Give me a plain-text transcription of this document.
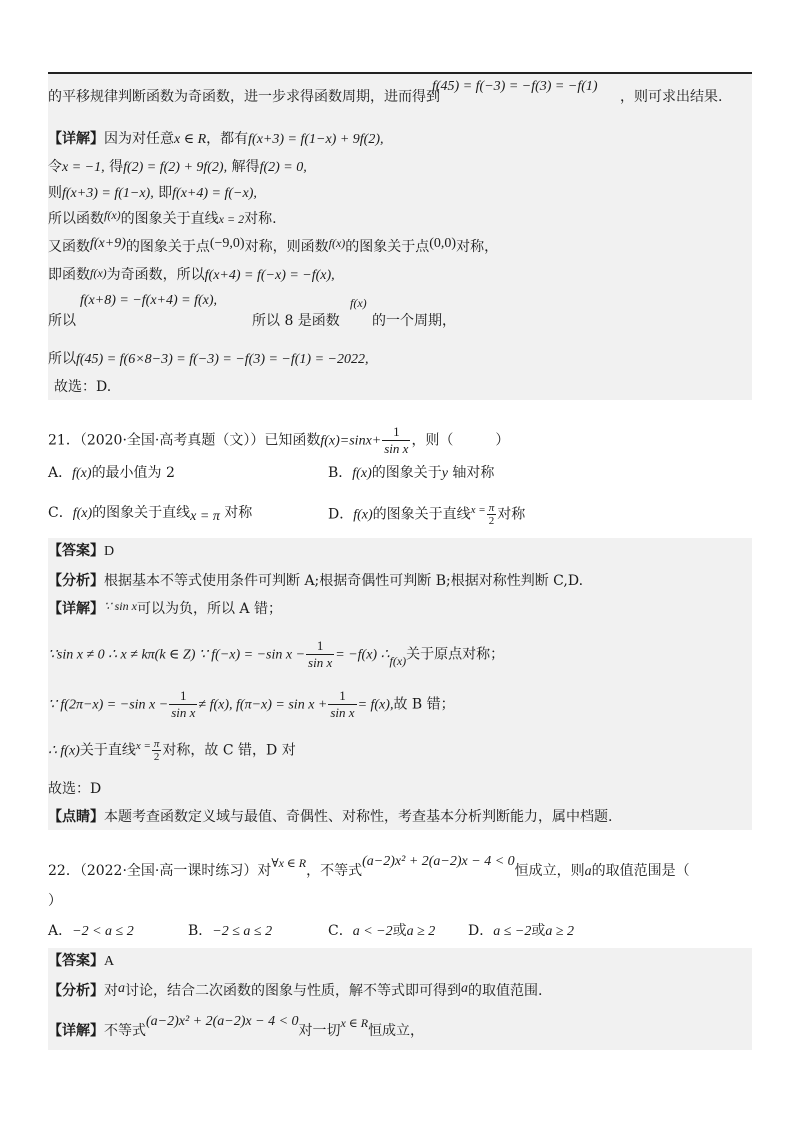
的平移规律判断函数为奇函数，进一步求得函数周期，进而得到
f(45) = f(−3) = −f(3) = −f(1)
，则可求出结果.
【详解】因为对任意x ∈ R，都有f(x+3) = f(1−x) + 9f(2),
令x = −1, 得f(2) = f(2) + 9f(2), 解得f(2) = 0,
则f(x+3) = f(1−x), 即f(x+4) = f(−x),
所以函数f(x)的图象关于直线x = 2对称.
又函数f(x+9)的图象关于点(−9,0)对称，则函数f(x)的图象关于点(0,0)对称，
即函数f(x)为奇函数，所以f(x+4) = f(−x) = −f(x),
所以
f(x+8) = −f(x+4) = f(x),
所以 8 是函数
f(x)
的一个周期，
所以f(45) = f(6×8−3) = f(−3) = −f(3) = −f(1) = −2022,
故选：D.
21．（2020·全国·高考真题（文））已知函数$f(x)=\sin x+ \frac{1}{\text{sin x}}$ ，则（　　　）
A．f(x)的最小值为 2	B．f(x)的图象关于y 轴对称
C．f(x)的图象关于直线x = π 对称	D．f(x)的图象关于直线$^{x =} \frac{\pi}{2}$ 对称
【答案】D
【分析】根据基本不等式使用条件可判断 A;根据奇偶性可判断 B;根据对称性判断 C,D.
【详解】∵ sin x可以为负，所以 A 错；
∵sin x ≠ 0 ∴ x ≠ kπ(k ∈ Z) ∵ f(−x) = −sin $x - \frac{1}{\text{sin x}} = -f(x)$ ∴f(x)关于原点对称；
∵ f(2π−x) = −sin $x - \frac{1}{\text{sin x}} \ne f(x)$, $f(\pi-x) = \sin x + \frac{1}{\text{sin x}} = f(x)$,故 B 错；
∴ f(x)关于直线$^{x =} \frac{\pi}{2}$ 对称，故 C 错，D 对
故选：D
【点睛】本题考查函数定义域与最值、奇偶性、对称性，考查基本分析判断能力，属中档题.
22．（2022·全国·高一课时练习）对∀x ∈ R，不等式(a−2)x² + 2(a−2)x − 4 < 0恒成立，则a的取值范围是（
）
A．−2 < a ≤ 2	B．−2 ≤ a ≤ 2	C．a < −2或a ≥ 2 D．a ≤ −2或a ≥ 2
【答案】A
【分析】对a讨论，结合二次函数的图象与性质，解不等式即可得到a的取值范围.
【详解】不等式(a−2)x² + 2(a−2)x − 4 < 0对一切x ∈ R恒成立，
